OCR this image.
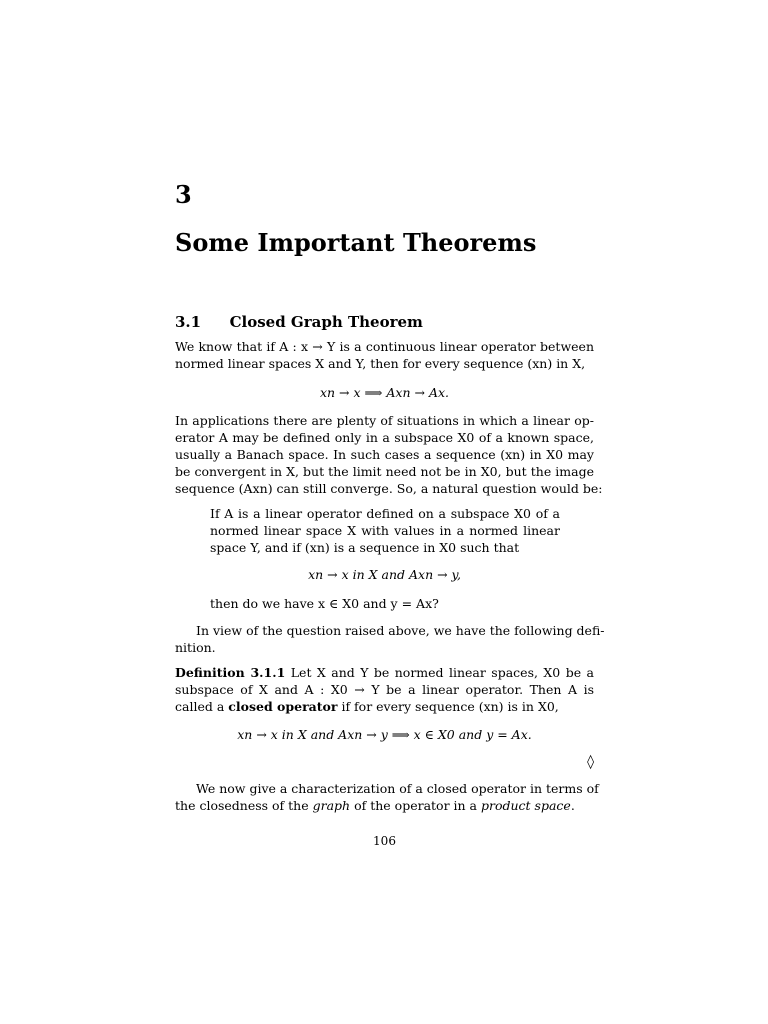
3
Some Important Theorems
3.1 Closed Graph Theorem
We know that if A : x → Y is a continuous linear operator between
normed linear spaces X and Y, then for every sequence (xn) in X,
xn → x ⟹ Axn → Ax.
In applications there are plenty of situations in which a linear op-
erator A may be defined only in a subspace X0 of a known space,
usually a Banach space. In such cases a sequence (xn) in X0 may
be convergent in X, but the limit need not be in X0, but the image
sequence (Axn) can still converge. So, a natural question would be:
If A is a linear operator defined on a subspace X0 of a
normed linear space X with values in a normed linear
space Y, and if (xn) is a sequence in X0 such that
xn → x in X and Axn → y,
then do we have x ∈ X0 and y = Ax?
In view of the question raised above, we have the following defi-
nition.
Definition 3.1.1 Let X and Y be normed linear spaces, X0 be a
subspace of X and A : X0 → Y be a linear operator. Then A is
called a closed operator if for every sequence (xn) is in X0,
xn → x in X and Axn → y ⟹ x ∈ X0 and y = Ax.
◊
We now give a characterization of a closed operator in terms of
the closedness of the graph of the operator in a product space.
106
